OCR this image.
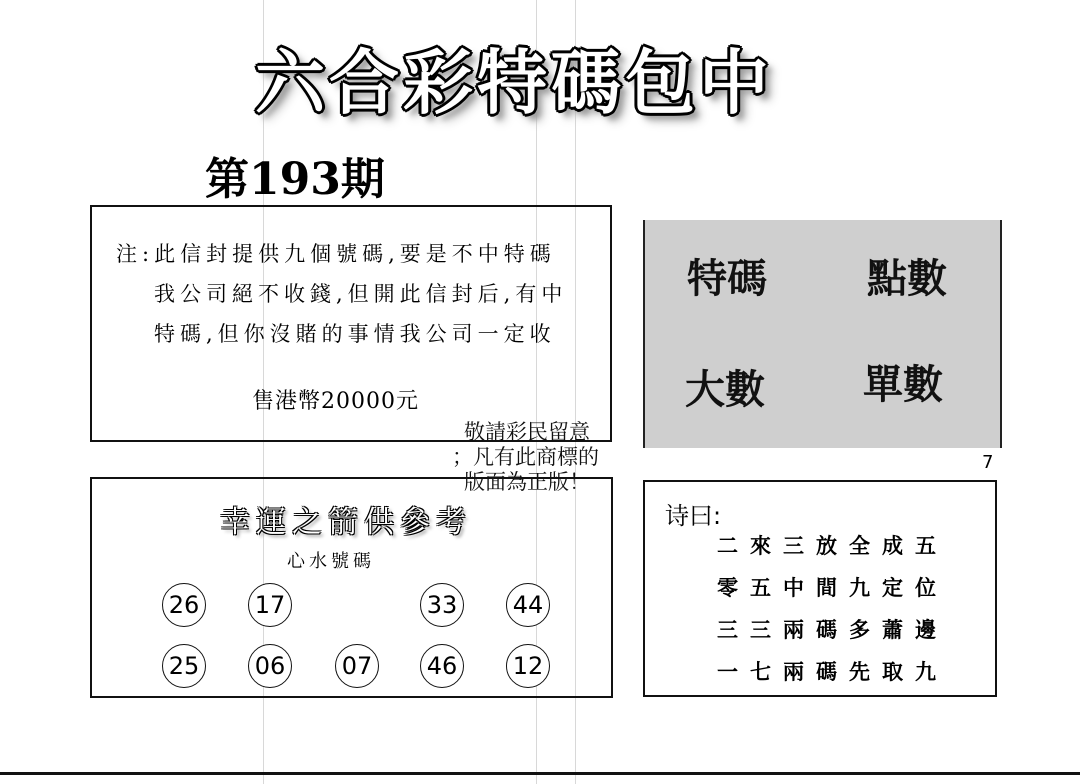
六合彩特碼包中
第193期
注:此信封提供九個號碼,要是不中特碼
我公司絕不收錢,但開此信封后,有中
特碼,但你沒賭的事情我公司一定收
售港幣20000元
特碼	點數
大數 單數
7
敬請彩民留意
；凡有此商標的
版面為正版！
幸運之箭供參考
心水號碼
26 17	33 44
25 06 07 46 12
诗曰:
二來三放全成五
零五中間九定位
三三兩碼多蕭邊
一七兩碼先取九
